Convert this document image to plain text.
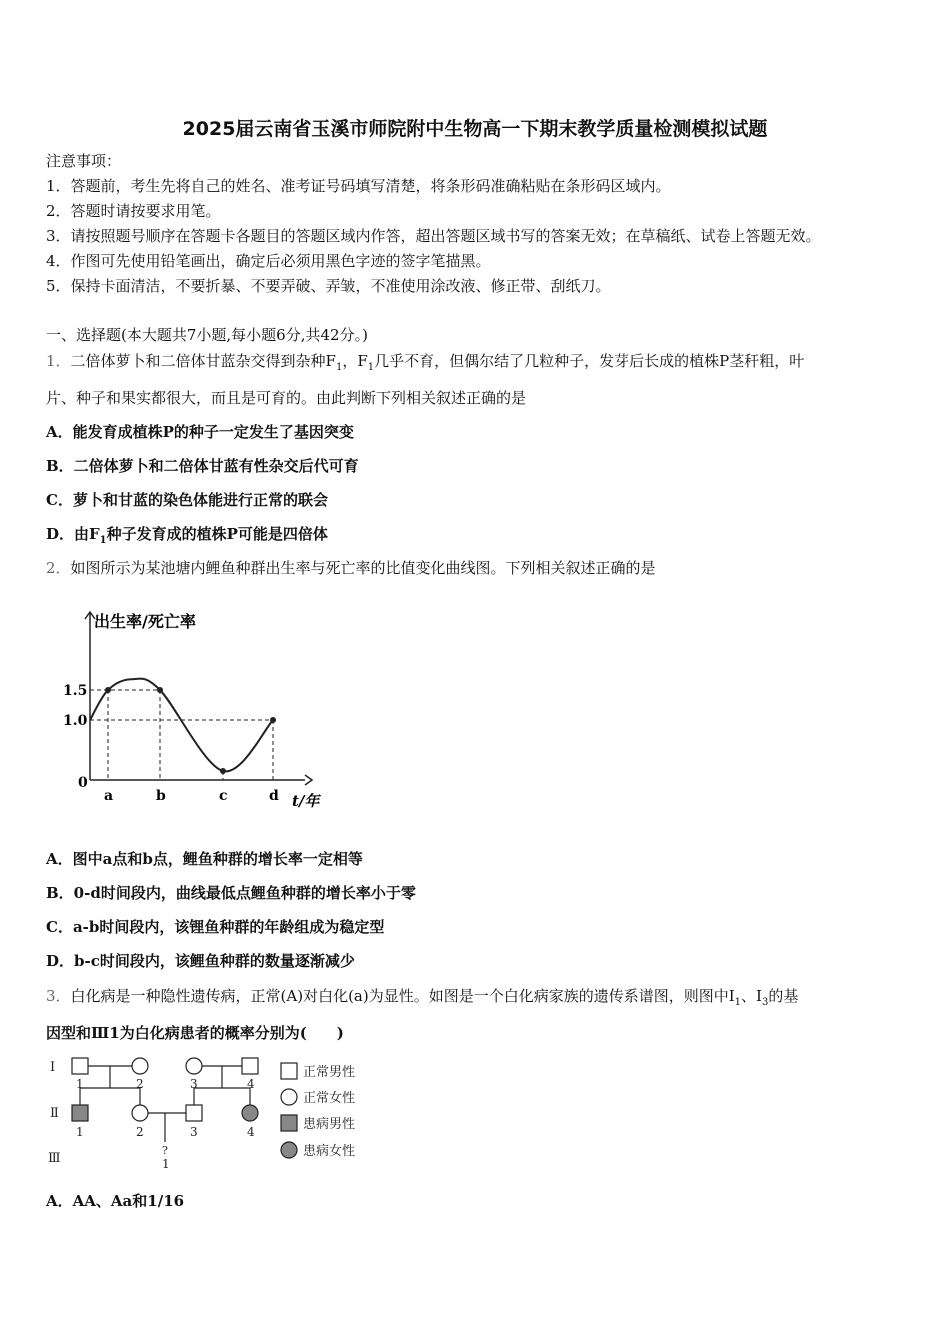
2025届云南省玉溪市师院附中生物高一下期末教学质量检测模拟试题
注意事项：
1．答题前，考生先将自己的姓名、准考证号码填写清楚，将条形码准确粘贴在条形码区域内。
2．答题时请按要求用笔。
3．请按照题号顺序在答题卡各题目的答题区域内作答，超出答题区域书写的答案无效；在草稿纸、试卷上答题无效。
4．作图可先使用铅笔画出，确定后必须用黑色字迹的签字笔描黑。
5．保持卡面清洁，不要折暴、不要弄破、弄皱，不准使用涂改液、修正带、刮纸刀。
一、选择题(本大题共7小题,每小题6分,共42分。)
1．二倍体萝卜和二倍体甘蓝杂交得到杂种$F_1$，$F_1$几乎不育，但偶尔结了几粒种子，发芽后长成的植株P茎秆粗，叶
片、种子和果实都很大，而且是可育的。由此判断下列相关叙述正确的是
A．能发育成植株P的种子一定发生了基因突变
B．二倍体萝卜和二倍体甘蓝有性杂交后代可育
C．萝卜和甘蓝的染色体能进行正常的联会
D．由$F_1$种子发育成的植株P可能是四倍体
2．如图所示为某池塘内鲤鱼种群出生率与死亡率的比值变化曲线图。下列相关叙述正确的是
出生率/死亡率
0
1.0
1.5
a	b	c	d t/年
A．图中a点和b点，鲤鱼种群的增长率一定相等
B．0-d时间段内，曲线最低点鲤鱼种群的增长率小于零
C．a-b时间段内，该锂鱼种群的年龄组成为稳定型
D．b-c时间段内，该鲤鱼种群的数量逐渐减少
3．白化病是一种隐性遗传病，正常(A)对白化(a)为显性。如图是一个白化病家族的遗传系谱图，则图中$Ⅰ_1$、$Ⅰ_3$的基
因型和Ⅲ1为白化病患者的概率分别为(　　)
Ⅰ
Ⅱ
Ⅲ
1	2	3	4
1	2	3	4
?
1
正常男性
正常女性
患病男性
患病女性
A．AA、Aa和1/16
